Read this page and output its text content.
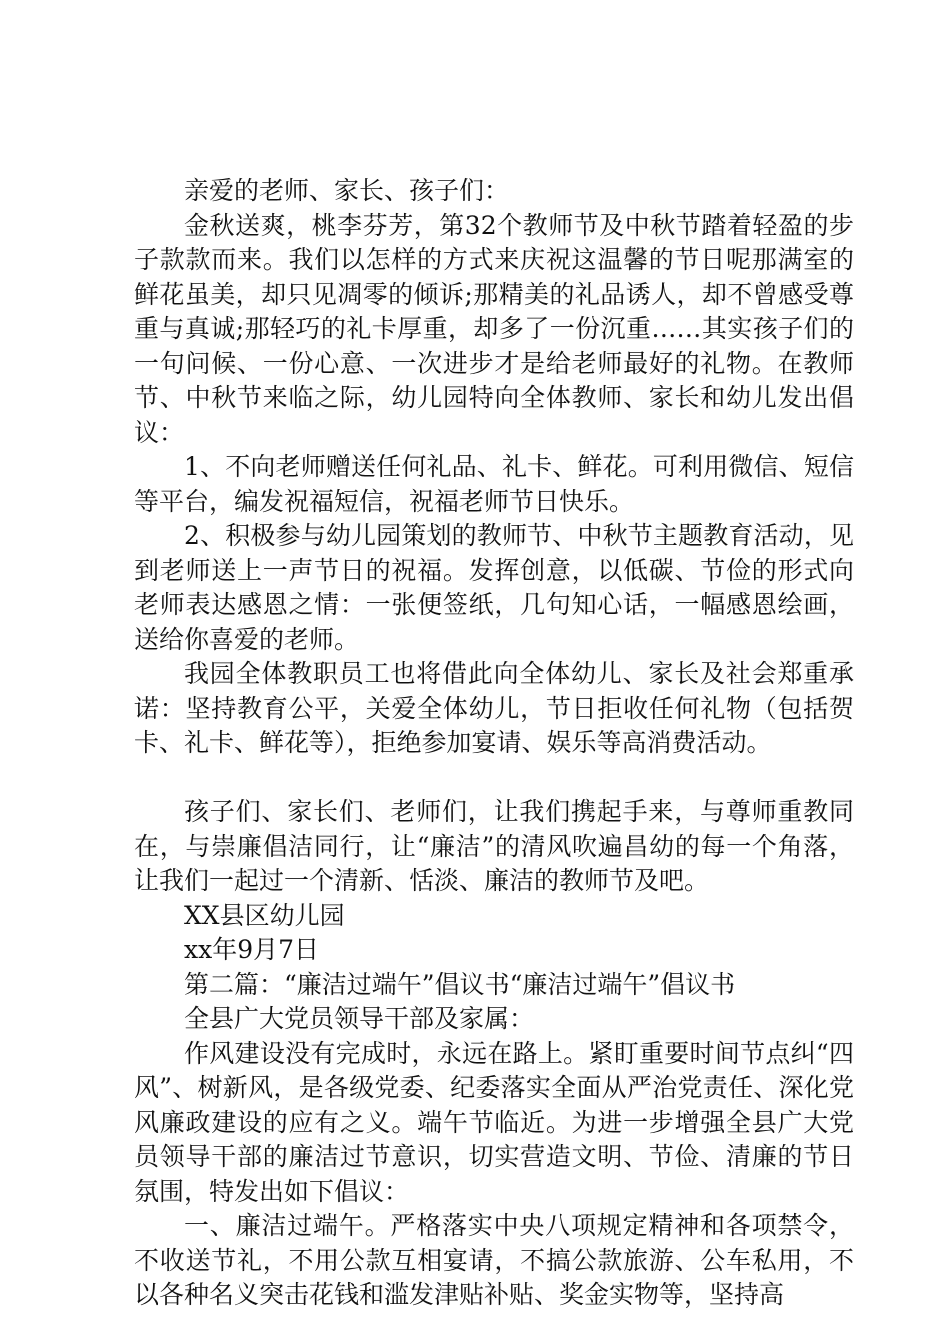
亲爱的老师、家长、孩子们：

金秋送爽，桃李芬芳，第32个教师节及中秋节踏着轻盈的步子款款而来。我们以怎样的方式来庆祝这温馨的节日呢那满室的鲜花虽美，却只见凋零的倾诉;那精美的礼品诱人，却不曾感受尊重与真诚;那轻巧的礼卡厚重，却多了一份沉重……其实孩子们的一句问候、一份心意、一次进步才是给老师最好的礼物。在教师节、中秋节来临之际，幼儿园特向全体教师、家长和幼儿发出倡议：

1、不向老师赠送任何礼品、礼卡、鲜花。可利用微信、短信等平台，编发祝福短信，祝福老师节日快乐。

2、积极参与幼儿园策划的教师节、中秋节主题教育活动，见到老师送上一声节日的祝福。发挥创意，以低碳、节俭的形式向老师表达感恩之情：一张便签纸，几句知心话，一幅感恩绘画，送给你喜爱的老师。

我园全体教职员工也将借此向全体幼儿、家长及社会郑重承诺：坚持教育公平，关爱全体幼儿，节日拒收任何礼物（包括贺卡、礼卡、鲜花等），拒绝参加宴请、娱乐等高消费活动。

孩子们、家长们、老师们，让我们携起手来，与尊师重教同在，与崇廉倡洁同行，让“廉洁”的清风吹遍昌幼的每一个角落，让我们一起过一个清新、恬淡、廉洁的教师节及吧。

XX县区幼儿园

xx年9月7日

第二篇：“廉洁过端午”倡议书“廉洁过端午”倡议书

全县广大党员领导干部及家属：

作风建设没有完成时，永远在路上。紧盯重要时间节点纠“四风”、树新风，是各级党委、纪委落实全面从严治党责任、深化党风廉政建设的应有之义。端午节临近。为进一步增强全县广大党员领导干部的廉洁过节意识，切实营造文明、节俭、清廉的节日氛围，特发出如下倡议：

一、廉洁过端午。严格落实中央八项规定精神和各项禁令，不收送节礼，不用公款互相宴请，不搞公款旅游、公车私用，不以各种名义突击花钱和滥发津贴补贴、奖金实物等，坚持高
